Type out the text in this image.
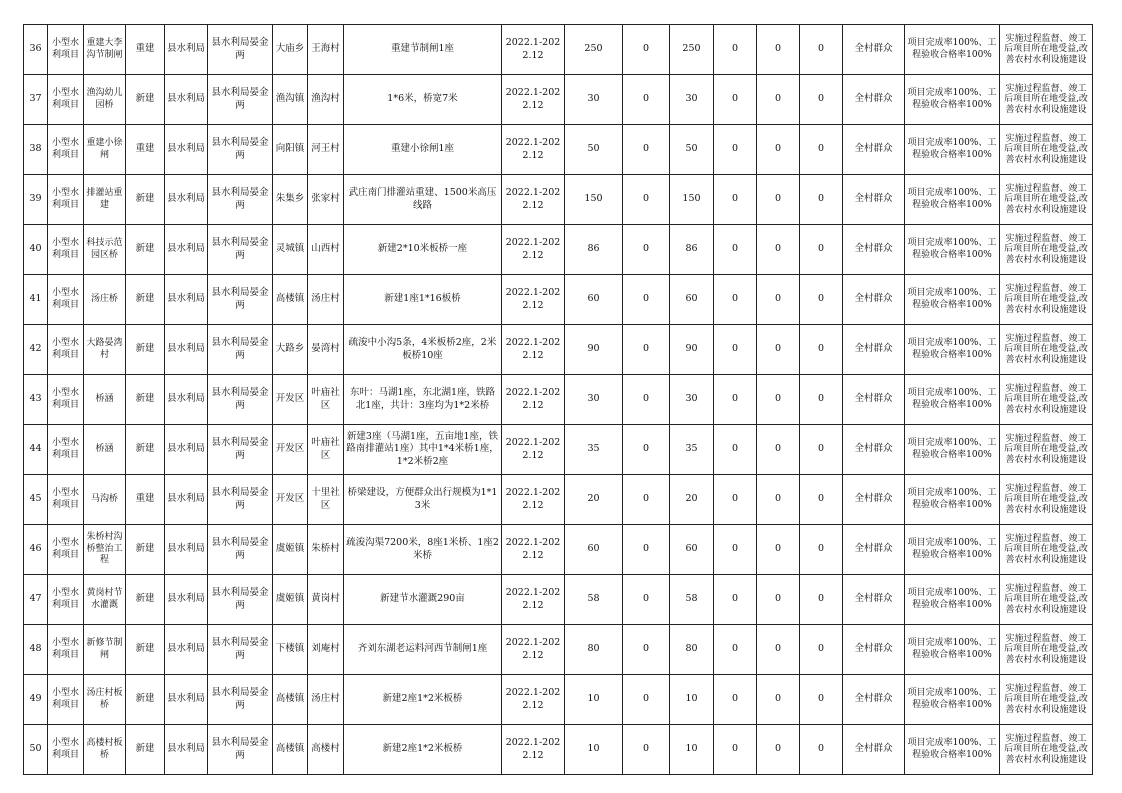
36	小型水利项目	重建大李沟节制闸	重建	县水利局	县水利局晏金两	大庙乡	王海村	重建节制闸1座	2022.1-2022.12	250	0	250	0	0	0	全村群众	项目完成率100%、工程验收合格率100%	实施过程监督、竣工后项目所在地受益,改善农村水利设施建设
37	小型水利项目	渔沟幼儿园桥	新建	县水利局	县水利局晏金两	渔沟镇	渔沟村	1*6米，桥宽7米	2022.1-2022.12	30	0	30	0	0	0	全村群众	项目完成率100%、工程验收合格率100%	实施过程监督、竣工后项目所在地受益,改善农村水利设施建设
38	小型水利项目	重建小徐闸	重建	县水利局	县水利局晏金两	向阳镇	河王村	重建小徐闸1座	2022.1-2022.12	50	0	50	0	0	0	全村群众	项目完成率100%、工程验收合格率100%	实施过程监督、竣工后项目所在地受益,改善农村水利设施建设
39	小型水利项目	排灌站重建	新建	县水利局	县水利局晏金两	朱集乡	张家村	武庄南门排灌站重建、1500米高压线路	2022.1-2022.12	150	0	150	0	0	0	全村群众	项目完成率100%、工程验收合格率100%	实施过程监督、竣工后项目所在地受益,改善农村水利设施建设
40	小型水利项目	科技示范园区桥	新建	县水利局	县水利局晏金两	灵城镇	山西村	新建2*10米板桥一座	2022.1-2022.12	86	0	86	0	0	0	全村群众	项目完成率100%、工程验收合格率100%	实施过程监督、竣工后项目所在地受益,改善农村水利设施建设
41	小型水利项目	汤庄桥	新建	县水利局	县水利局晏金两	高楼镇	汤庄村	新建1座1*16板桥	2022.1-2022.12	60	0	60	0	0	0	全村群众	项目完成率100%、工程验收合格率100%	实施过程监督、竣工后项目所在地受益,改善农村水利设施建设
42	小型水利项目	大路晏湾村	新建	县水利局	县水利局晏金两	大路乡	晏湾村	疏浚中小沟5条，4米板桥2座，2米板桥10座	2022.1-2022.12	90	0	90	0	0	0	全村群众	项目完成率100%、工程验收合格率100%	实施过程监督、竣工后项目所在地受益,改善农村水利设施建设
43	小型水利项目	桥涵	新建	县水利局	县水利局晏金两	开发区	叶庙社区	东叶：马湖1座，东北湖1座，铁路北1座，共计：3座均为1*2米桥	2022.1-2022.12	30	0	30	0	0	0	全村群众	项目完成率100%、工程验收合格率100%	实施过程监督、竣工后项目所在地受益,改善农村水利设施建设
44	小型水利项目	桥涵	新建	县水利局	县水利局晏金两	开发区	叶庙社区	新建3座（马湖1座，五亩地1座，铁路南排灌站1座）其中1*4米桥1座，1*2米桥2座	2022.1-2022.12	35	0	35	0	0	0	全村群众	项目完成率100%、工程验收合格率100%	实施过程监督、竣工后项目所在地受益,改善农村水利设施建设
45	小型水利项目	马沟桥	重建	县水利局	县水利局晏金两	开发区	十里社区	桥梁建设，方便群众出行规模为1*13米	2022.1-2022.12	20	0	20	0	0	0	全村群众	项目完成率100%、工程验收合格率100%	实施过程监督、竣工后项目所在地受益,改善农村水利设施建设
46	小型水利项目	朱桥村沟桥整治工程	新建	县水利局	县水利局晏金两	虞姬镇	朱桥村	疏浚沟渠7200米，8座1米桥、1座2米桥	2022.1-2022.12	60	0	60	0	0	0	全村群众	项目完成率100%、工程验收合格率100%	实施过程监督、竣工后项目所在地受益,改善农村水利设施建设
47	小型水利项目	黄岗村节水灌溉	新建	县水利局	县水利局晏金两	虞姬镇	黄岗村	新建节水灌溉290亩	2022.1-2022.12	58	0	58	0	0	0	全村群众	项目完成率100%、工程验收合格率100%	实施过程监督、竣工后项目所在地受益,改善农村水利设施建设
48	小型水利项目	新修节制闸	新建	县水利局	县水利局晏金两	下楼镇	刘庵村	齐刘东湖老运料河西节制闸1座	2022.1-2022.12	80	0	80	0	0	0	全村群众	项目完成率100%、工程验收合格率100%	实施过程监督、竣工后项目所在地受益,改善农村水利设施建设
49	小型水利项目	汤庄村板桥	新建	县水利局	县水利局晏金两	高楼镇	汤庄村	新建2座1*2米板桥	2022.1-2022.12	10	0	10	0	0	0	全村群众	项目完成率100%、工程验收合格率100%	实施过程监督、竣工后项目所在地受益,改善农村水利设施建设
50	小型水利项目	高楼村板桥	新建	县水利局	县水利局晏金两	高楼镇	高楼村	新建2座1*2米板桥	2022.1-2022.12	10	0	10	0	0	0	全村群众	项目完成率100%、工程验收合格率100%	实施过程监督、竣工后项目所在地受益,改善农村水利设施建设
